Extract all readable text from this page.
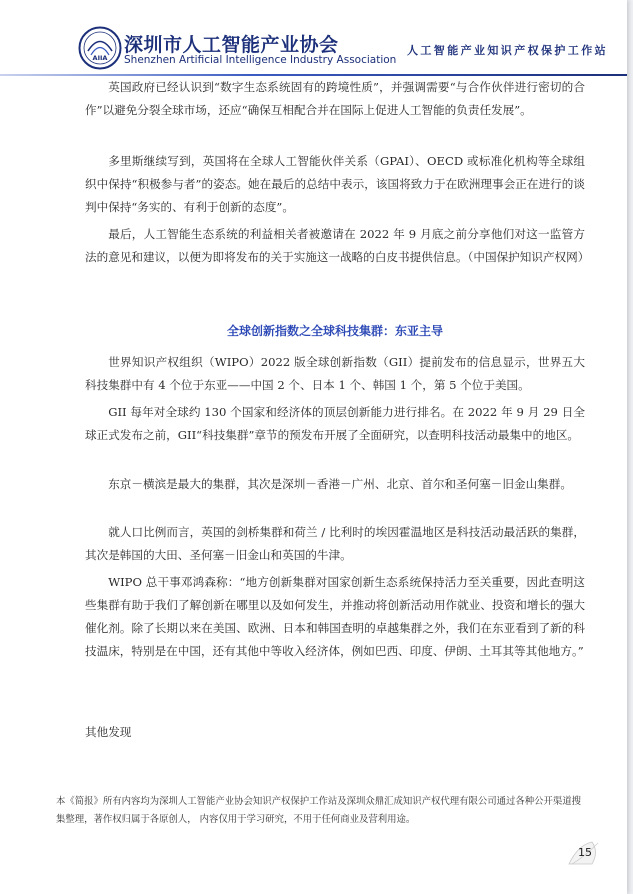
AIIA
深圳市人工智能产业协会
Shenzhen Artificial Intelligence Industry Association
人工智能产业知识产权保护工作站

英国政府已经认识到“数字生态系统固有的跨境性质”，并强调需要“与合作伙伴进行密切的合作”以避免分裂全球市场，还应“确保互相配合并在国际上促进人工智能的负责任发展”。

多里斯继续写到，英国将在全球人工智能伙伴关系（GPAI）、OECD 或标准化机构等全球组织中保持“积极参与者”的姿态。她在最后的总结中表示，该国将致力于在欧洲理事会正在进行的谈判中保持“务实的、有利于创新的态度”。

最后，人工智能生态系统的利益相关者被邀请在 2022 年 9 月底之前分享他们对这一监管方法的意见和建议，以便为即将发布的关于实施这一战略的白皮书提供信息。（中国保护知识产权网）

全球创新指数之全球科技集群：东亚主导

世界知识产权组织（WIPO）2022 版全球创新指数（GII）提前发布的信息显示，世界五大科技集群中有 4 个位于东亚——中国 2 个、日本 1 个、韩国 1 个，第 5 个位于美国。

GII 每年对全球约 130 个国家和经济体的顶层创新能力进行排名。在 2022 年 9 月 29 日全球正式发布之前，GII“科技集群”章节的预发布开展了全面研究，以查明科技活动最集中的地区。

东京－横滨是最大的集群，其次是深圳－香港－广州、北京、首尔和圣何塞－旧金山集群。

就人口比例而言，英国的剑桥集群和荷兰 / 比利时的埃因霍温地区是科技活动最活跃的集群，其次是韩国的大田、圣何塞－旧金山和英国的牛津。

WIPO 总干事邓鸿森称：“地方创新集群对国家创新生态系统保持活力至关重要，因此查明这些集群有助于我们了解创新在哪里以及如何发生，并推动将创新活动用作就业、投资和增长的强大催化剂。除了长期以来在美国、欧洲、日本和韩国查明的卓越集群之外，我们在东亚看到了新的科技温床，特别是在中国，还有其他中等收入经济体，例如巴西、印度、伊朗、土耳其等其他地方。”

其他发现
本《简报》所有内容均为深圳人工智能产业协会知识产权保护工作站及深圳众鼎汇成知识产权代理有限公司通过各种公开渠道搜集整理，著作权归属于各原创人， 内容仅用于学习研究，不用于任何商业及营利用途。
15
